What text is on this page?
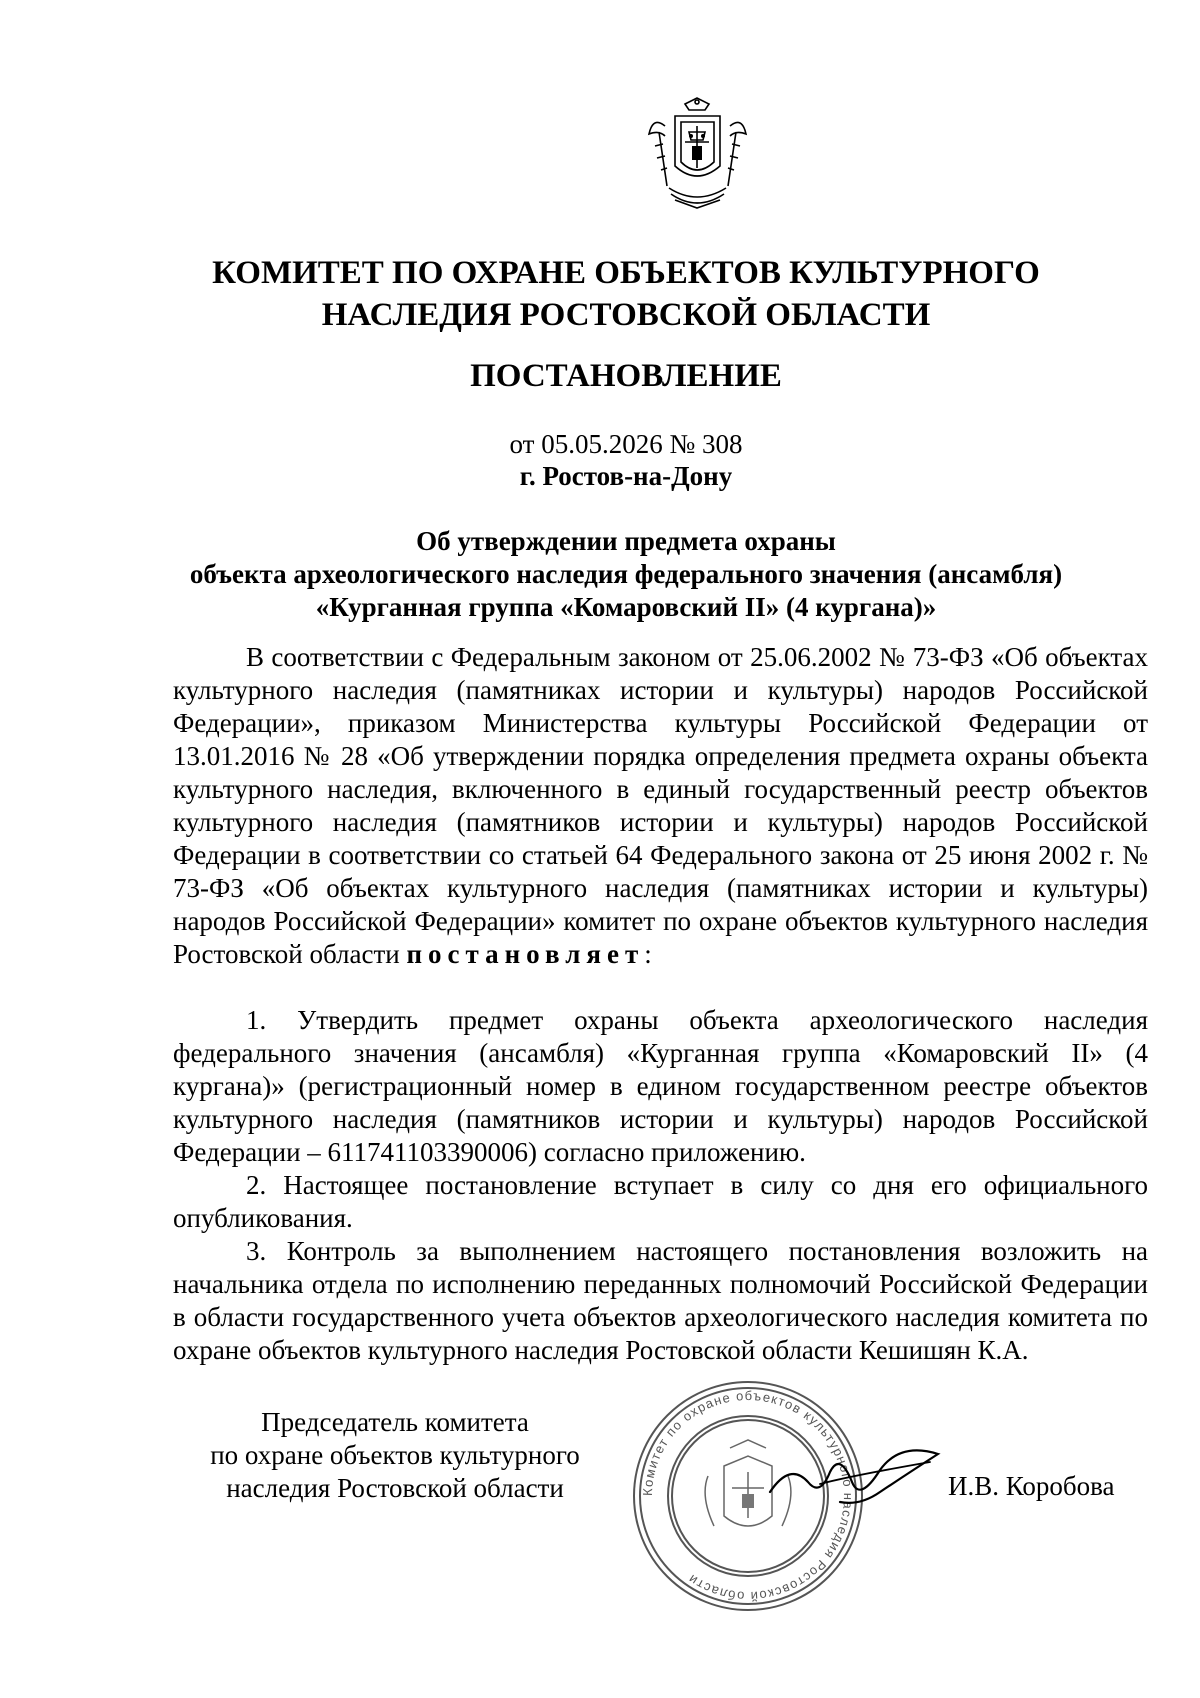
КОМИТЕТ ПО ОХРАНЕ ОБЪЕКТОВ КУЛЬТУРНОГО
НАСЛЕДИЯ РОСТОВСКОЙ ОБЛАСТИ
ПОСТАНОВЛЕНИЕ
от 05.05.2026 № 308
г. Ростов-на-Дону
Об утверждении предмета охраны
объекта археологического наследия федерального значения (ансамбля)
«Курганная группа «Комаровский II» (4 кургана)»

В соответствии с Федеральным законом от 25.06.2002 № 73-ФЗ «Об объектах культурного наследия (памятниках истории и культуры) народов Российской Федерации», приказом Министерства культуры Российской Федерации от 13.01.2016 № 28 «Об утверждении порядка определения предмета охраны объекта культурного наследия, включенного в единый государственный реестр объектов культурного наследия (памятников истории и культуры) народов Российской Федерации в соответствии со статьей 64 Федерального закона от 25 июня 2002 г. № 73-ФЗ «Об объектах культурного наследия (памятниках истории и культуры) народов Российской Федерации» комитет по охране объектов культурного наследия Ростовской области постановляет:

1. Утвердить предмет охраны объекта археологического наследия федерального значения (ансамбля) «Курганная группа «Комаровский II» (4 кургана)» (регистрационный номер в едином государственном реестре объектов культурного наследия (памятников истории и культуры) народов Российской Федерации – 611741103390006) согласно приложению.

2. Настоящее постановление вступает в силу со дня его официального опубликования.

3. Контроль за выполнением настоящего постановления возложить на начальника отдела по исполнению переданных полномочий Российской Федерации в области государственного учета объектов археологического наследия комитета по охране объектов культурного наследия Ростовской области Кешишян К.А.

Председатель комитета
по охране объектов культурного
наследия Ростовской области	Комитет по охране объектов культурного наследия Ростовской области
И.В. Коробова
